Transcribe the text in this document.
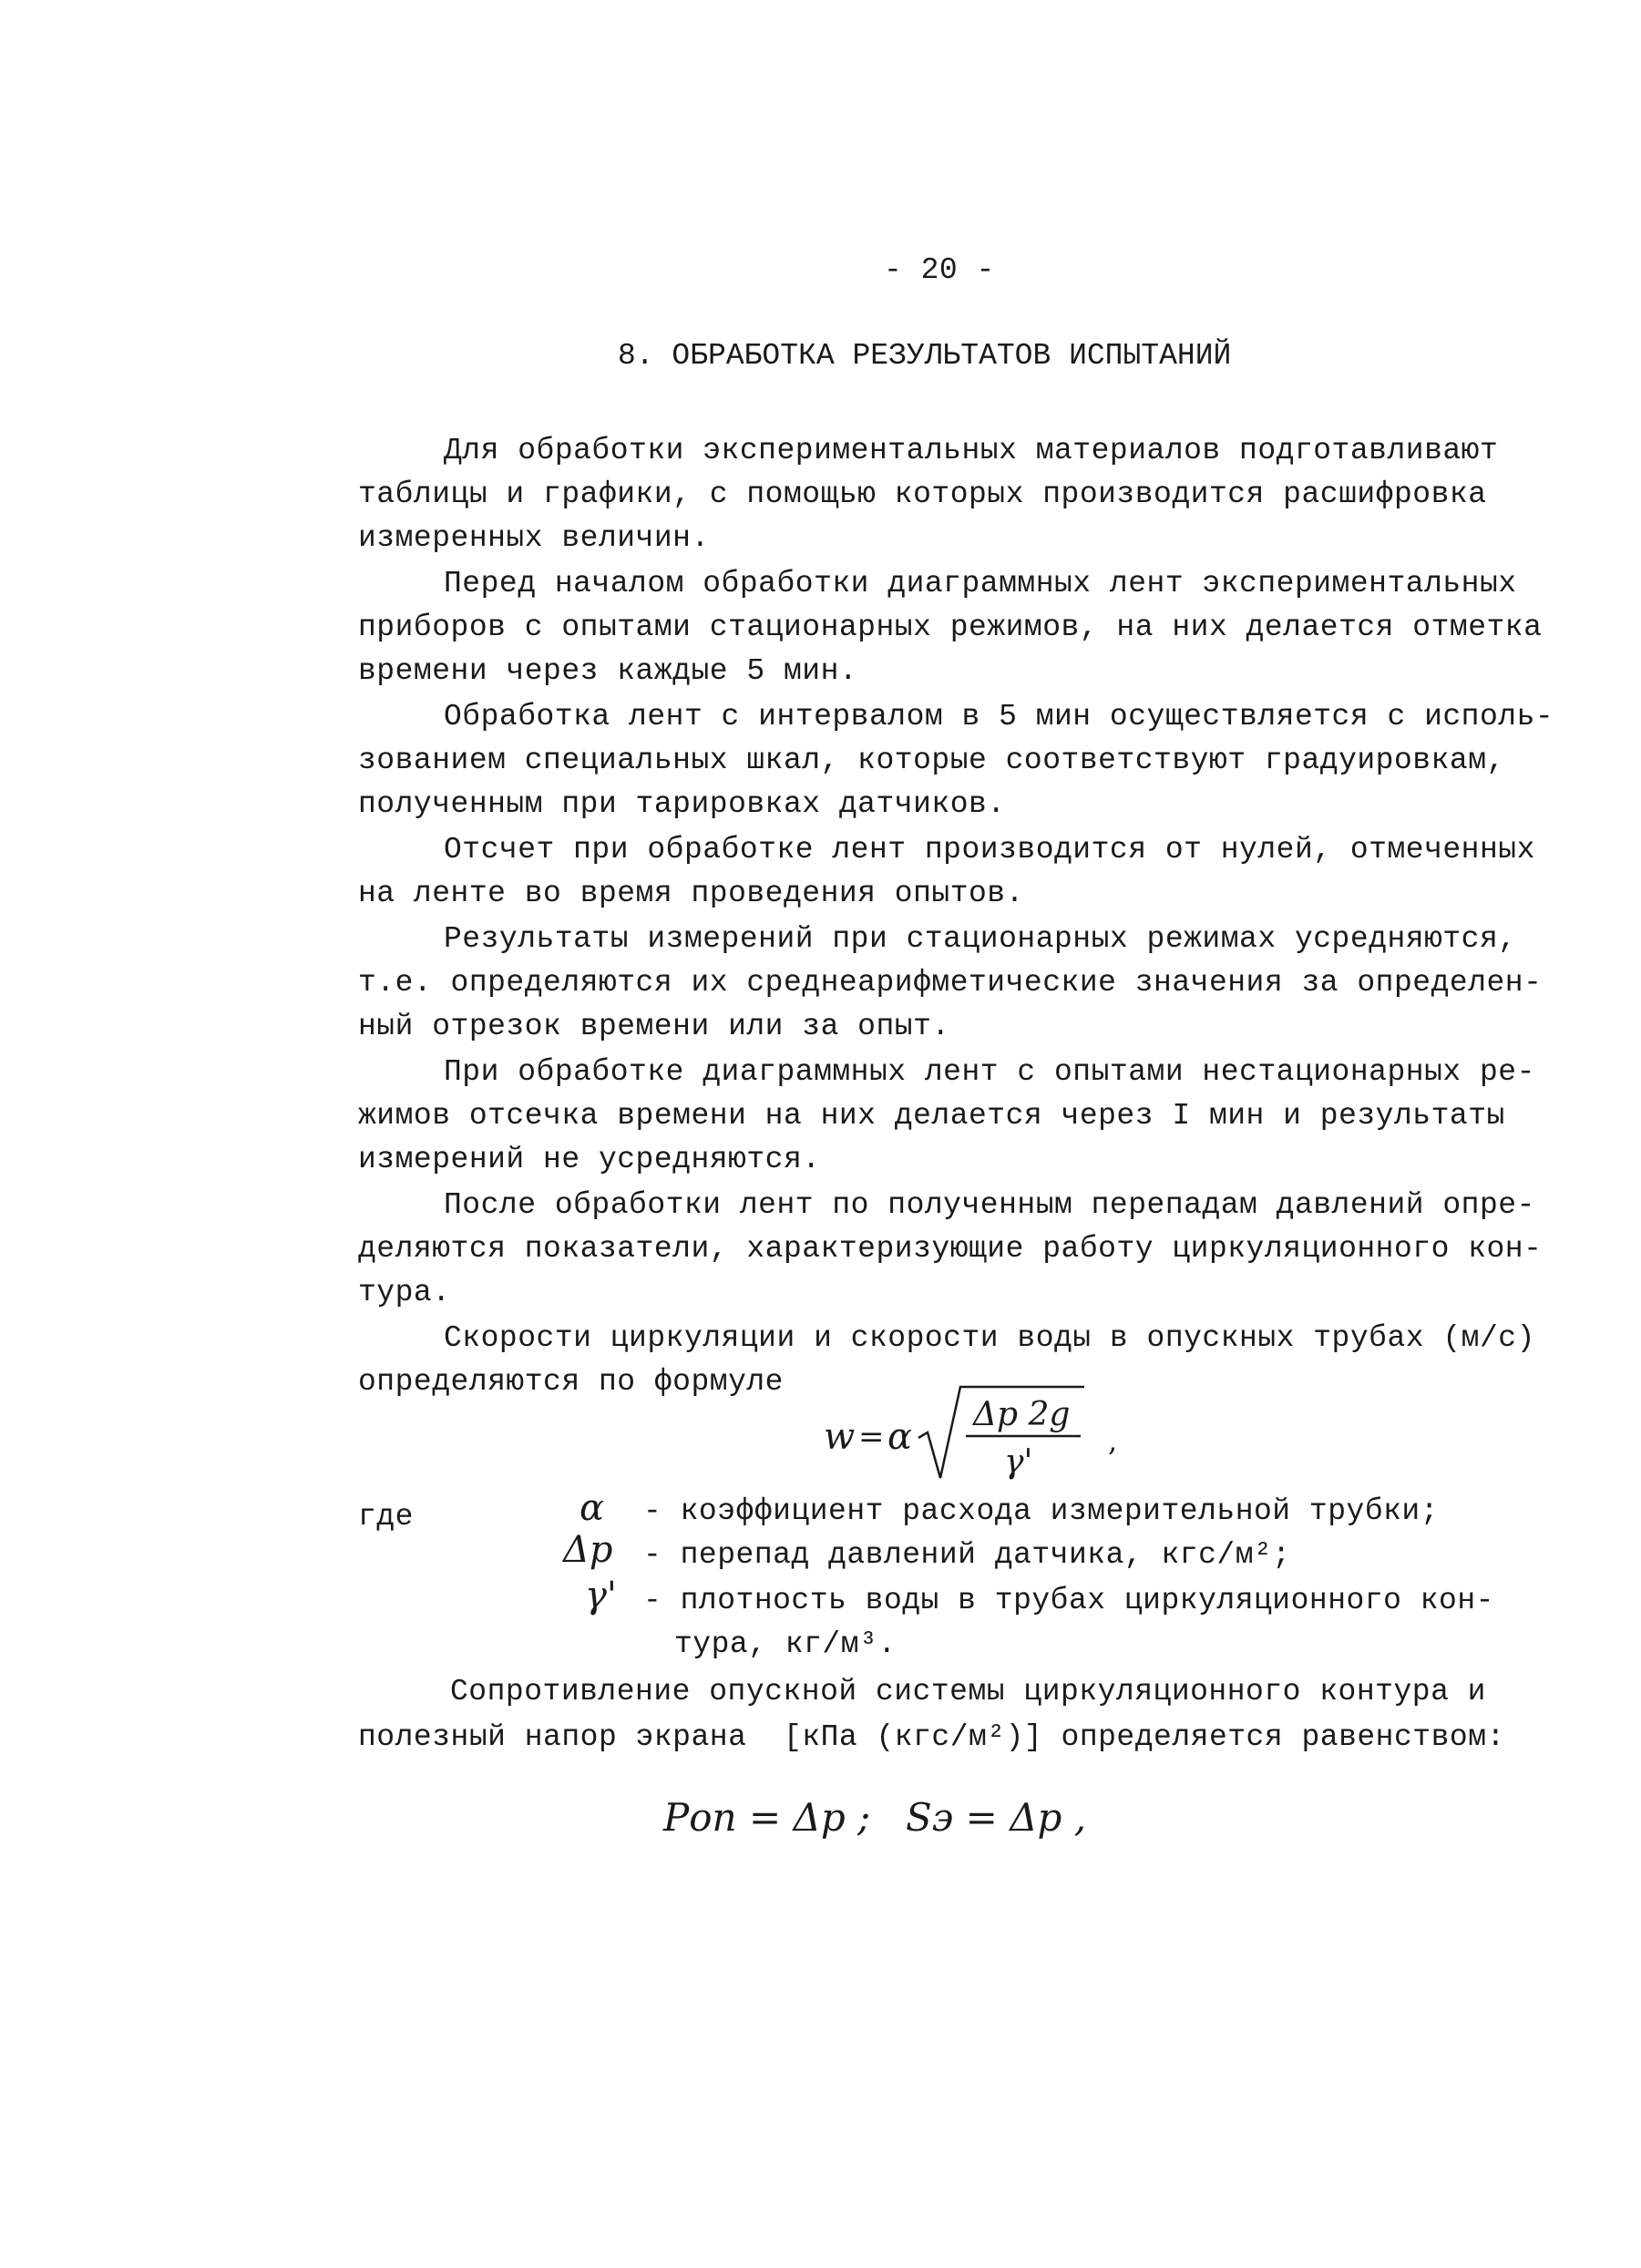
- 20 -
8. ОБРАБОТКА РЕЗУЛЬТАТОВ ИСПЫТАНИЙ
Для обработки экспериментальных материалов подготавливают
таблицы и графики, с помощью которых производится расшифровка
измеренных величин.
Перед началом обработки диаграммных лент экспериментальных
приборов с опытами стационарных режимов, на них делается отметка
времени через каждые 5 мин.
Обработка лент с интервалом в 5 мин осуществляется с исполь-
зованием специальных шкал, которые соответствуют градуировкам,
полученным при тарировках датчиков.
Отсчет при обработке лент производится от нулей, отмеченных
на ленте во время проведения опытов.
Результаты измерений при стационарных режимах усредняются,
т.е. определяются их среднеарифметические значения за определен-
ный отрезок времени или за опыт.
При обработке диаграммных лент с опытами нестационарных ре-
жимов отсечка времени на них делается через I мин и результаты
измерений не усредняются.
После обработки лент по полученным перепадам давлений опре-
деляются показатели, характеризующие работу циркуляционного кон-
тура.
Скорости циркуляции и скорости воды в опускных трубах (м/с)
определяются по формуле
w = α
Δp 2g
γ'
,
где	α - коэффициент расхода измерительной трубки;
Δp - перепад давлений датчика, кгс/м²;
γ' - плотность воды в трубах циркуляционного кон-
тура, кг/м³.
Сопротивление опускной системы циркуляционного контура и
полезный напор экрана  [кПа (кгс/м²)] определяется равенством:
Pоп = Δp ; Sэ = Δp ,
